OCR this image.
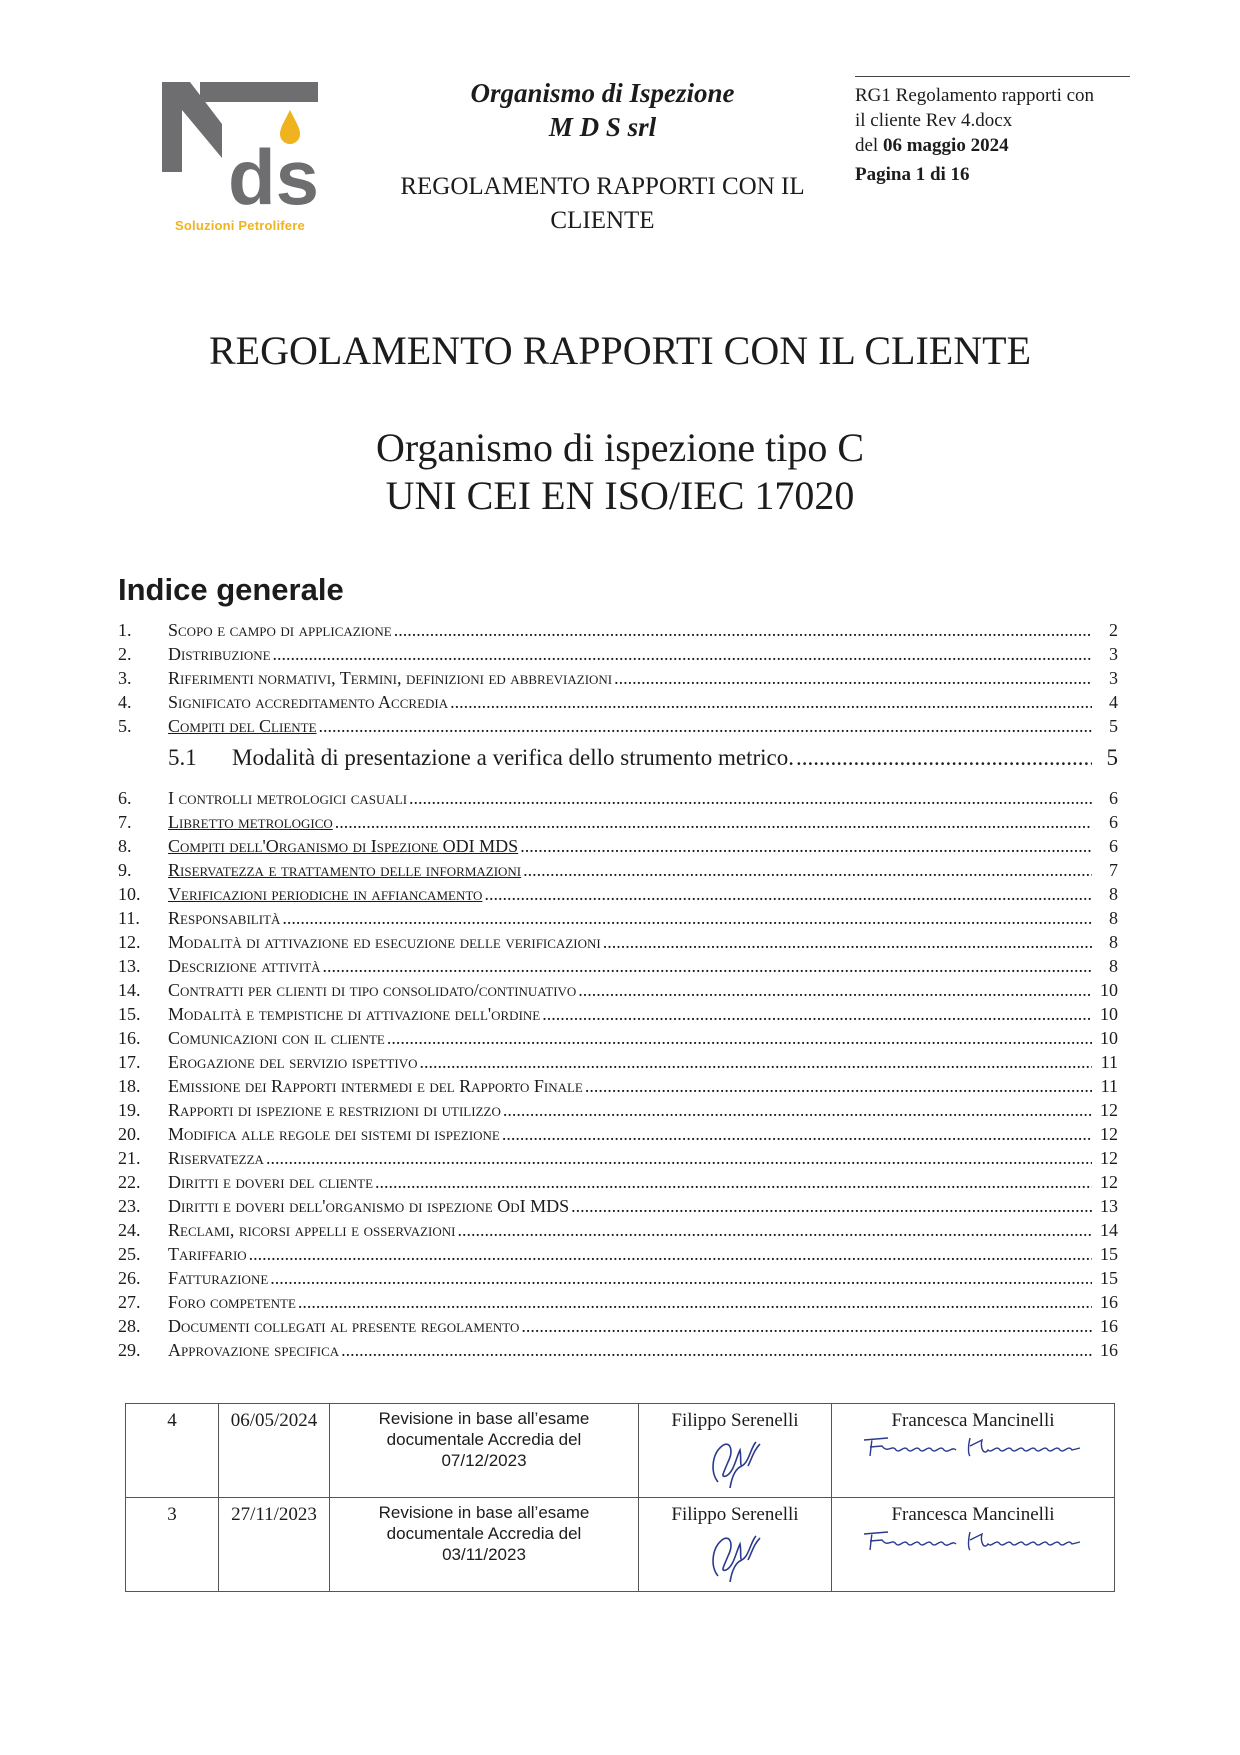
ds
Soluzioni Petrolifere
Organismo di Ispezione
M D S srl
REGOLAMENTO RAPPORTI CON IL
CLIENTE
RG1 Regolamento rapporti con
il cliente Rev 4.docx
del 06 maggio 2024
Pagina 1 di 16
REGOLAMENTO RAPPORTI CON IL CLIENTE
Organismo di ispezione tipo C
UNI CEI EN ISO/IEC 17020
Indice generale
1.	Scopo e campo di applicazione .....	2
2.	Distribuzione .....	3
3.	Riferimenti normativi, Termini, definizioni ed abbreviazioni .....	3
4.	Significato accreditamento Accredia .....	4
5.	Compiti del Cliente .....	5
5.1	Modalità di presentazione a verifica dello strumento metrico. .....	5
6.	I controlli metrologici casuali .....	6
7.	Libretto metrologico .....	6
8.	Compiti dell'Organismo di Ispezione ODI MDS .....	6
9.	Riservatezza e trattamento delle informazioni .....	7
10.	Verificazioni periodiche in affiancamento .....	8
11.	Responsabilità .....	8
12.	Modalità di attivazione ed esecuzione delle verificazioni .....	8
13.	Descrizione attività .....	8
14.	Contratti per clienti di tipo consolidato/continuativo .....	10
15.	Modalità e tempistiche di attivazione dell'ordine .....	10
16.	Comunicazioni con il cliente .....	10
17.	Erogazione del servizio ispettivo .....	11
18.	Emissione dei Rapporti intermedi e del Rapporto Finale .....	11
19.	Rapporti di ispezione e restrizioni di utilizzo .....	12
20.	Modifica alle regole dei sistemi di ispezione .....	12
21.	Riservatezza .....	12
22.	Diritti e doveri del cliente .....	12
23.	Diritti e doveri dell'organismo di ispezione OdI MDS .....	13
24.	Reclami, ricorsi appelli e osservazioni .....	14
25.	Tariffario .....	15
26.	Fatturazione .....	15
27.	Foro competente .....	16
28.	Documenti collegati al presente regolamento .....	16
29.	Approvazione specifica .....	16
4	06/05/2024	Revisione in base all’esame
documentale Accredia del
07/12/2023	Filippo Serenelli	Francesca Mancinelli

3	27/11/2023	Revisione in base all’esame
documentale Accredia del
03/11/2023	Filippo Serenelli	Francesca Mancinelli
